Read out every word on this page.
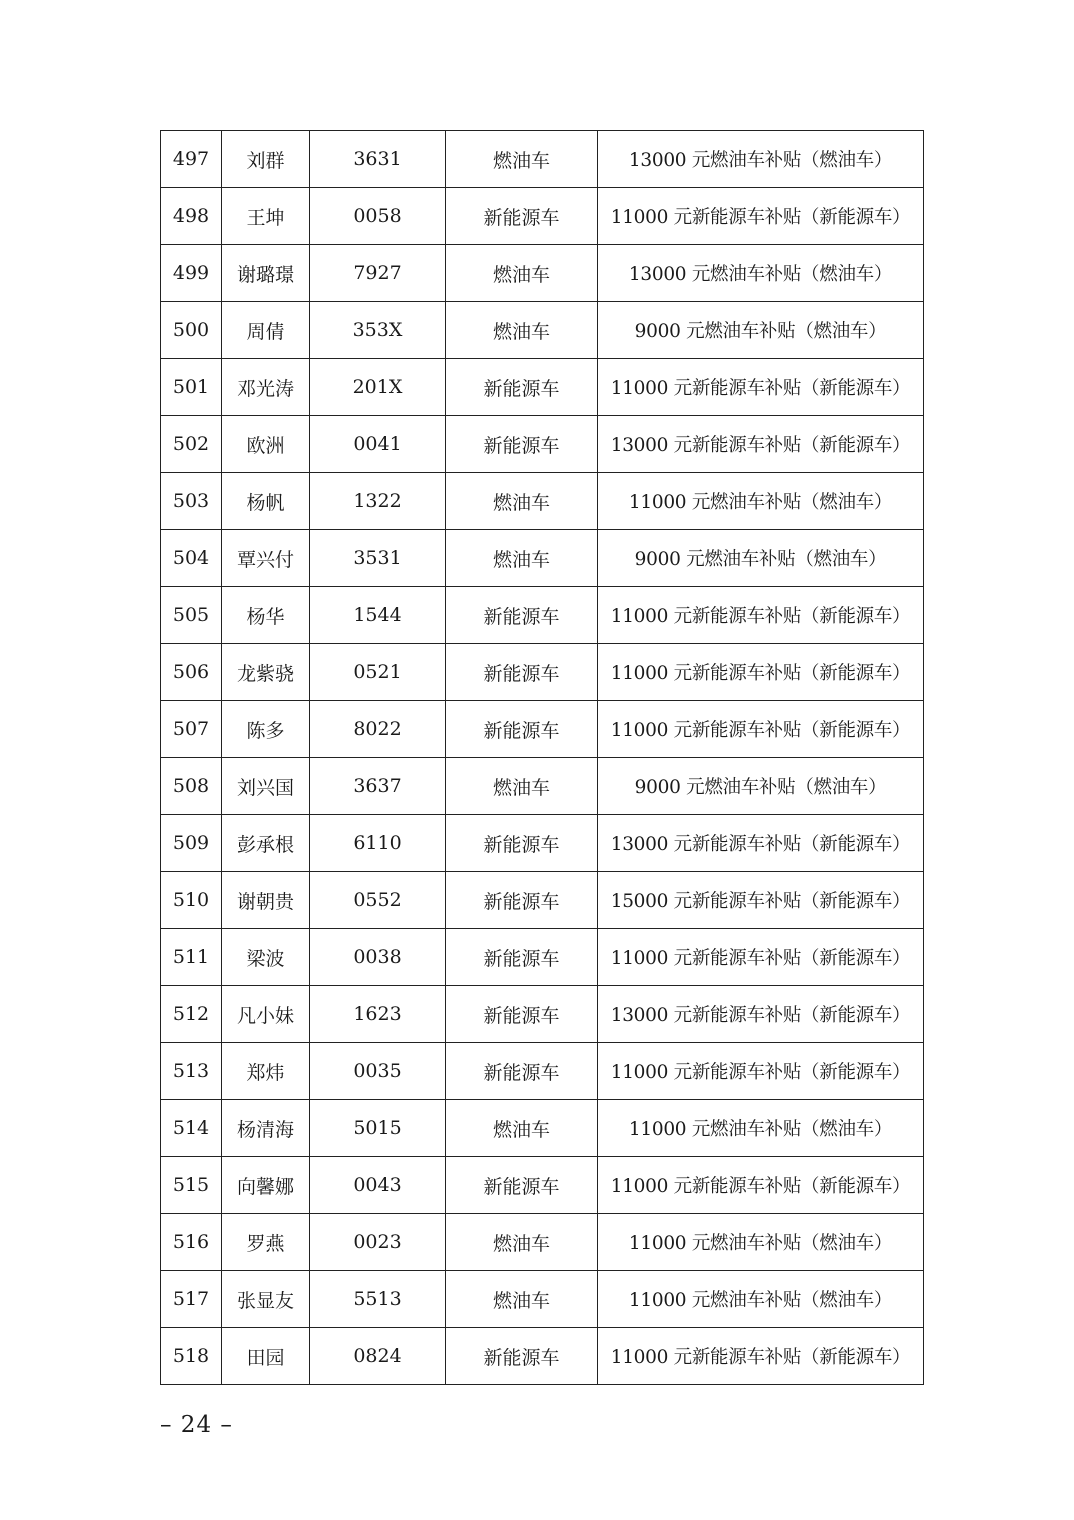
497	刘群	3631	燃油车	13000 元燃油车补贴（燃油车）
498	王坤	0058	新能源车	11000 元新能源车补贴（新能源车）
499	谢璐璟	7927	燃油车	13000 元燃油车补贴（燃油车）
500	周倩	353X	燃油车	9000 元燃油车补贴（燃油车）
501	邓光涛	201X	新能源车	11000 元新能源车补贴（新能源车）
502	欧洲	0041	新能源车	13000 元新能源车补贴（新能源车）
503	杨帆	1322	燃油车	11000 元燃油车补贴（燃油车）
504	覃兴付	3531	燃油车	9000 元燃油车补贴（燃油车）
505	杨华	1544	新能源车	11000 元新能源车补贴（新能源车）
506	龙紫骁	0521	新能源车	11000 元新能源车补贴（新能源车）
507	陈多	8022	新能源车	11000 元新能源车补贴（新能源车）
508	刘兴国	3637	燃油车	9000 元燃油车补贴（燃油车）
509	彭承根	6110	新能源车	13000 元新能源车补贴（新能源车）
510	谢朝贵	0552	新能源车	15000 元新能源车补贴（新能源车）
511	梁波	0038	新能源车	11000 元新能源车补贴（新能源车）
512	凡小妹	1623	新能源车	13000 元新能源车补贴（新能源车）
513	郑炜	0035	新能源车	11000 元新能源车补贴（新能源车）
514	杨清海	5015	燃油车	11000 元燃油车补贴（燃油车）
515	向馨娜	0043	新能源车	11000 元新能源车补贴（新能源车）
516	罗燕	0023	燃油车	11000 元燃油车补贴（燃油车）
517	张显友	5513	燃油车	11000 元燃油车补贴（燃油车）
518	田园	0824	新能源车	11000 元新能源车补贴（新能源车）
– 24 –
